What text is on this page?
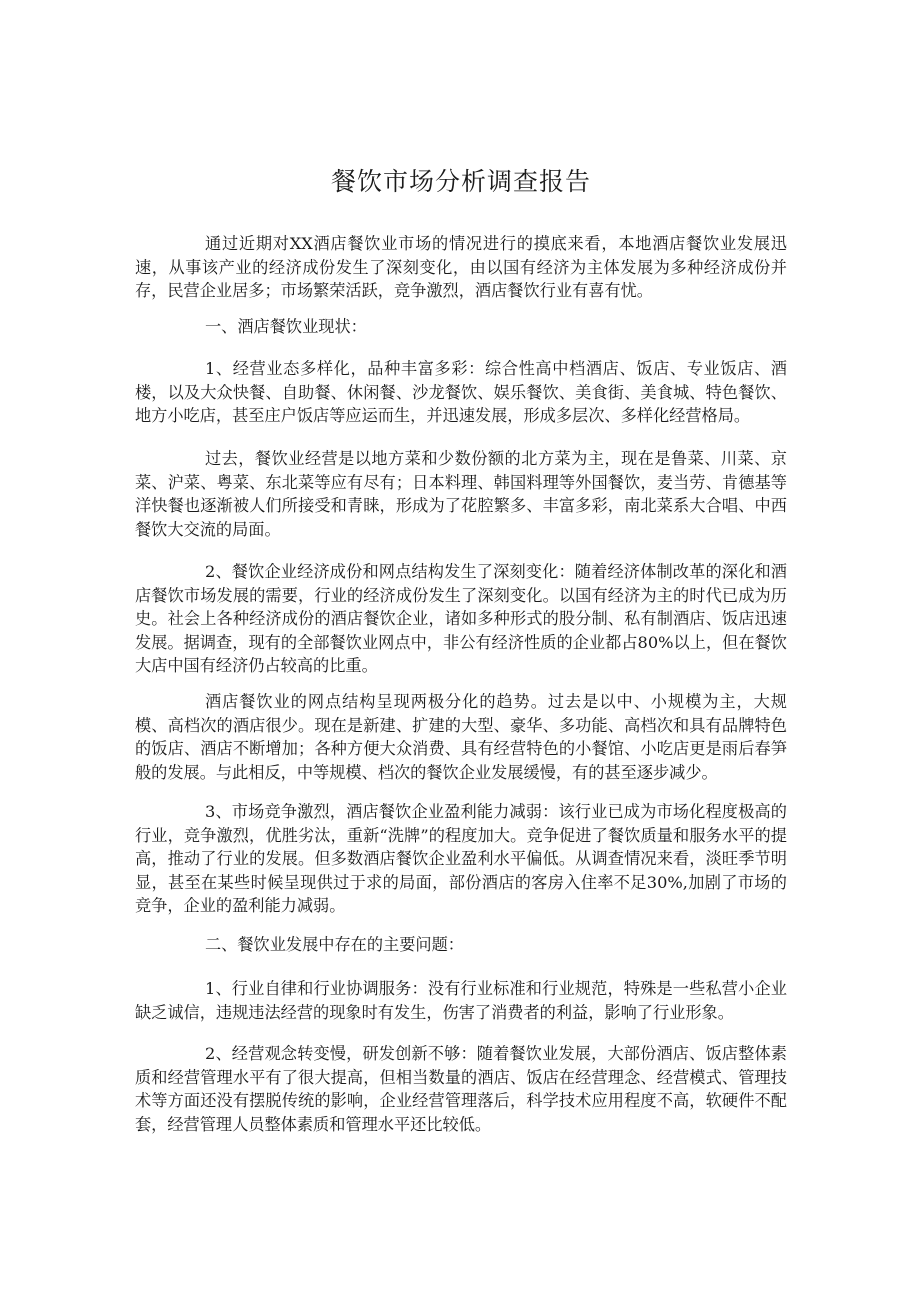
餐饮市场分析调查报告

通过近期对XX酒店餐饮业市场的情况进行的摸底来看，本地酒店餐饮业发展迅速，从事该产业的经济成份发生了深刻变化，由以国有经济为主体发展为多种经济成份并存，民营企业居多；市场繁荣活跃，竞争激烈，酒店餐饮行业有喜有忧。

一、酒店餐饮业现状：

1、经营业态多样化，品种丰富多彩：综合性高中档酒店、饭店、专业饭店、酒楼，以及大众快餐、自助餐、休闲餐、沙龙餐饮、娱乐餐饮、美食街、美食城、特色餐饮、地方小吃店，甚至庄户饭店等应运而生，并迅速发展，形成多层次、多样化经营格局。

过去，餐饮业经营是以地方菜和少数份额的北方菜为主，现在是鲁菜、川菜、京菜、沪菜、粤菜、东北菜等应有尽有；日本料理、韩国料理等外国餐饮，麦当劳、肯德基等洋快餐也逐渐被人们所接受和青睐，形成为了花腔繁多、丰富多彩，南北菜系大合唱、中西餐饮大交流的局面。

2、餐饮企业经济成份和网点结构发生了深刻变化：随着经济体制改革的深化和酒店餐饮市场发展的需要，行业的经济成份发生了深刻变化。以国有经济为主的时代已成为历史。社会上各种经济成份的酒店餐饮企业，诸如多种形式的股分制、私有制酒店、饭店迅速发展。据调查，现有的全部餐饮业网点中，非公有经济性质的企业都占80%以上，但在餐饮大店中国有经济仍占较高的比重。

酒店餐饮业的网点结构呈现两极分化的趋势。过去是以中、小规模为主，大规模、高档次的酒店很少。现在是新建、扩建的大型、豪华、多功能、高档次和具有品牌特色的饭店、酒店不断增加；各种方便大众消费、具有经营特色的小餐馆、小吃店更是雨后春笋般的发展。与此相反，中等规模、档次的餐饮企业发展缓慢，有的甚至逐步减少。

3、市场竞争激烈，酒店餐饮企业盈利能力减弱：该行业已成为市场化程度极高的行业，竞争激烈，优胜劣汰，重新“洗牌”的程度加大。竞争促进了餐饮质量和服务水平的提高，推动了行业的发展。但多数酒店餐饮企业盈利水平偏低。从调查情况来看，淡旺季节明显，甚至在某些时候呈现供过于求的局面，部份酒店的客房入住率不足30%,加剧了市场的竞争，企业的盈利能力减弱。

二、餐饮业发展中存在的主要问题：

1、行业自律和行业协调服务：没有行业标准和行业规范，特殊是一些私营小企业缺乏诚信，违规违法经营的现象时有发生，伤害了消费者的利益，影响了行业形象。

2、经营观念转变慢，研发创新不够：随着餐饮业发展，大部份酒店、饭店整体素质和经营管理水平有了很大提高，但相当数量的酒店、饭店在经营理念、经营模式、管理技术等方面还没有摆脱传统的影响，企业经营管理落后，科学技术应用程度不高，软硬件不配套，经营管理人员整体素质和管理水平还比较低。
